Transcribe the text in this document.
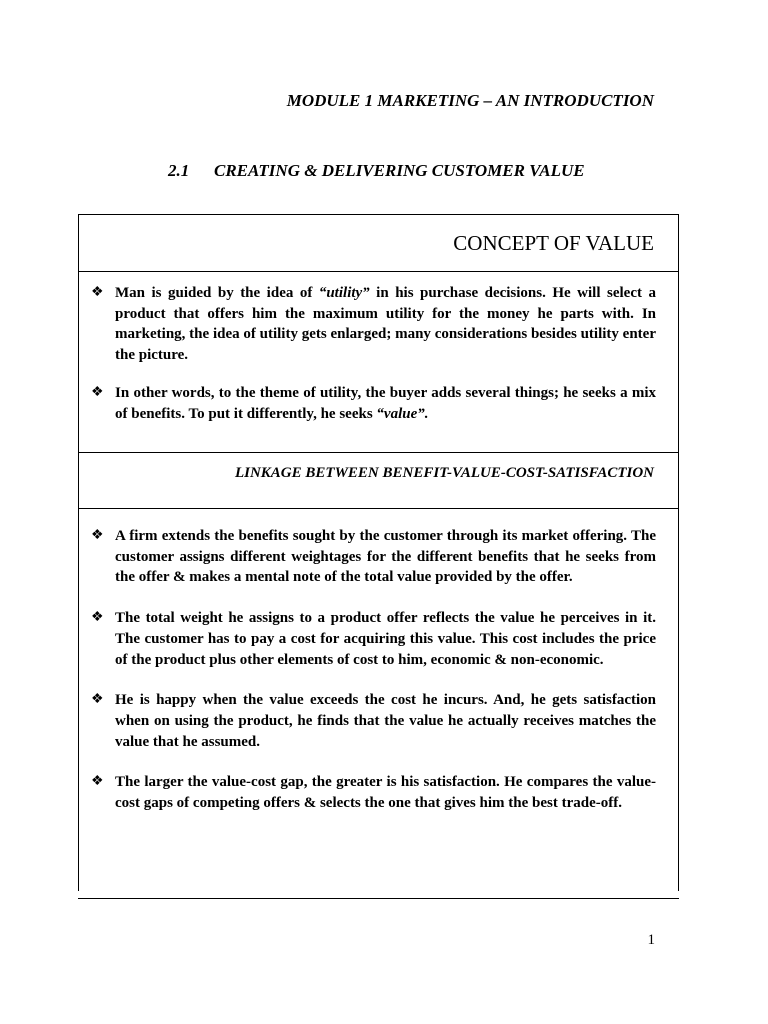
MODULE 1 MARKETING – AN INTRODUCTION
2.1 CREATING & DELIVERING CUSTOMER VALUE
CONCEPT OF VALUE
❖ Man is guided by the idea of “utility” in his purchase decisions. He will select a product that offers him the maximum utility for the money he parts with. In marketing, the idea of utility gets enlarged; many considerations besides utility enter the picture.
❖ In other words, to the theme of utility, the buyer adds several things; he seeks a mix of benefits. To put it differently, he seeks “value”.
LINKAGE BETWEEN BENEFIT-VALUE-COST-SATISFACTION
❖ A firm extends the benefits sought by the customer through its market offering. The customer assigns different weightages for the different benefits that he seeks from the offer & makes a mental note of the total value provided by the offer.
❖ The total weight he assigns to a product offer reflects the value he perceives in it. The customer has to pay a cost for acquiring this value. This cost includes the price of the product plus other elements of cost to him, economic & non-economic.
❖ He is happy when the value exceeds the cost he incurs. And, he gets satisfaction when on using the product, he finds that the value he actually receives matches the value that he assumed.
❖ The larger the value-cost gap, the greater is his satisfaction. He compares the value-cost gaps of competing offers & selects the one that gives him the best trade-off.
1
